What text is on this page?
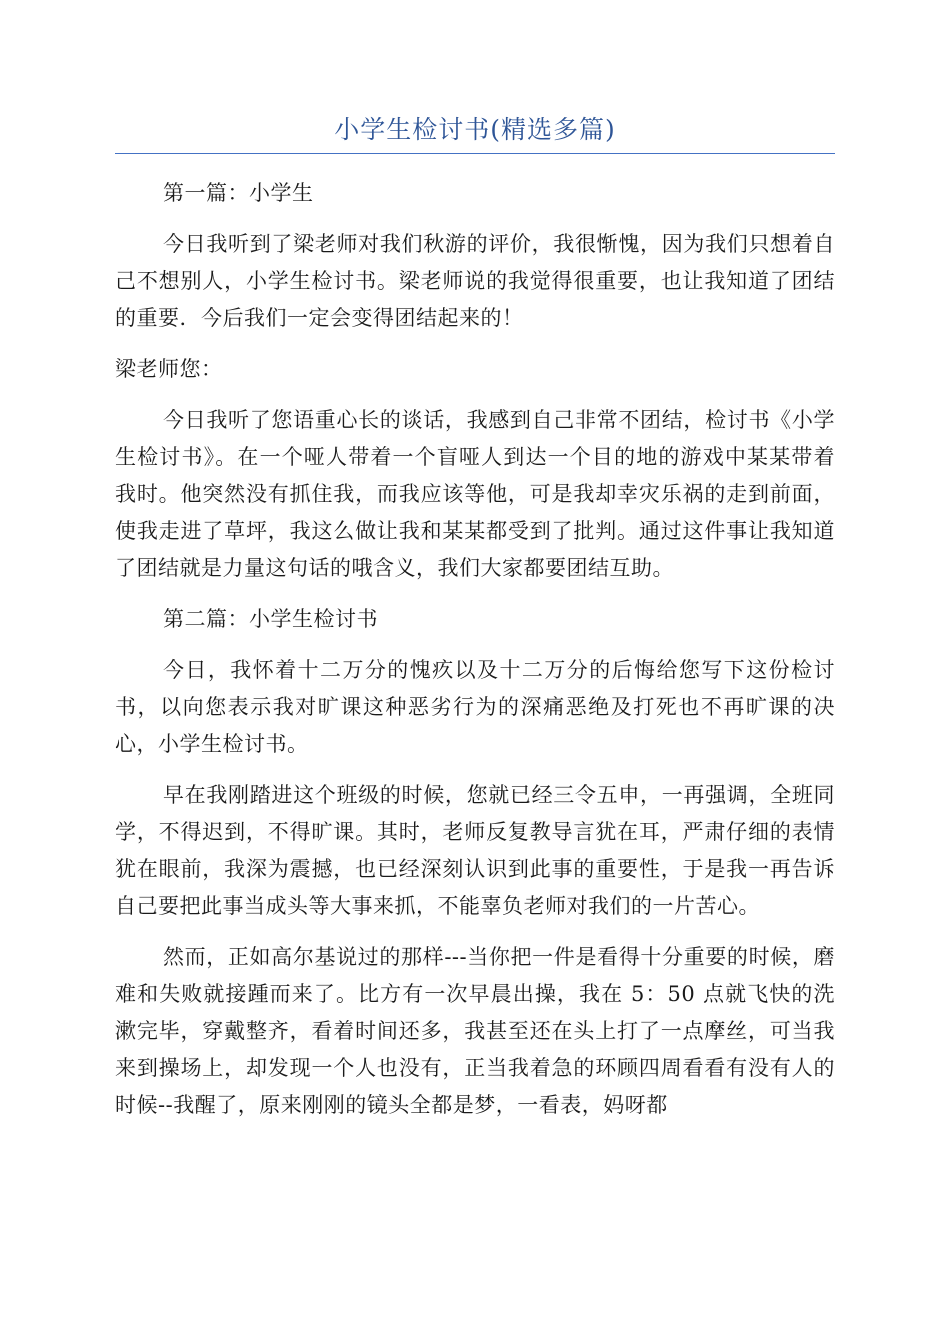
小学生检讨书(精选多篇)

第一篇：小学生

今日我听到了梁老师对我们秋游的评价，我很惭愧，因为我们只想着自己不想别人，小学生检讨书。梁老师说的我觉得很重要，也让我知道了团结的重要．今后我们一定会变得团结起来的！

梁老师您：

今日我听了您语重心长的谈话，我感到自己非常不团结，检讨书《小学生检讨书》。在一个哑人带着一个盲哑人到达一个目的地的游戏中某某带着我时。他突然没有抓住我，而我应该等他，可是我却幸灾乐祸的走到前面，使我走进了草坪，我这么做让我和某某都受到了批判。通过这件事让我知道了团结就是力量这句话的哦含义，我们大家都要团结互助。

第二篇：小学生检讨书

今日，我怀着十二万分的愧疚以及十二万分的后悔给您写下这份检讨书，以向您表示我对旷课这种恶劣行为的深痛恶绝及打死也不再旷课的决心，小学生检讨书。

早在我刚踏进这个班级的时候，您就已经三令五申，一再强调，全班同学，不得迟到，不得旷课。其时，老师反复教导言犹在耳，严肃仔细的表情犹在眼前，我深为震撼，也已经深刻认识到此事的重要性，于是我一再告诉自己要把此事当成头等大事来抓，不能辜负老师对我们的一片苦心。

然而，正如高尔基说过的那样---当你把一件是看得十分重要的时候，磨难和失败就接踵而来了。比方有一次早晨出操，我在 5：50 点就飞快的洗漱完毕，穿戴整齐，看着时间还多，我甚至还在头上打了一点摩丝，可当我来到操场上，却发现一个人也没有，正当我着急的环顾四周看看有没有人的时候--我醒了，原来刚刚的镜头全都是梦，一看表，妈呀都
